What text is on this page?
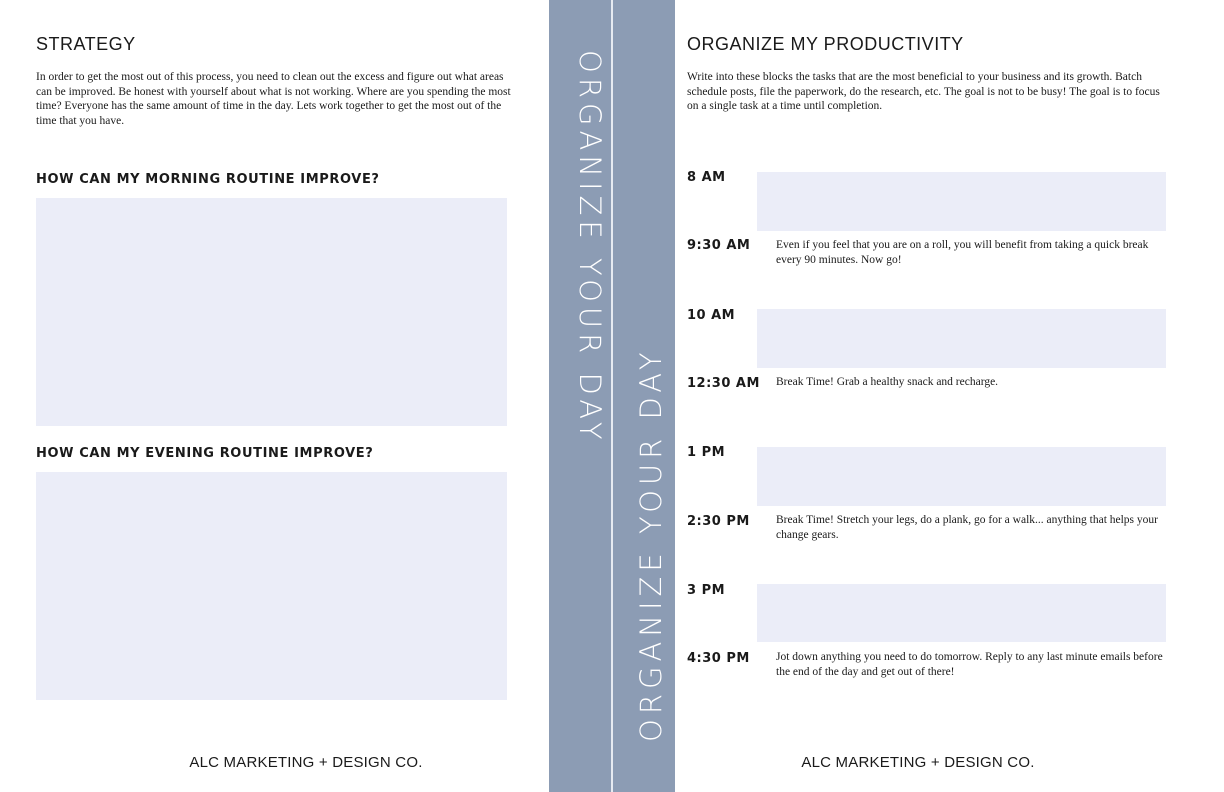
STRATEGY
In order to get the most out of this process, you need to clean out the excess and figure out what areas can be improved. Be honest with yourself about what is not working. Where are you spending the most time? Everyone has the same amount of time in the day. Lets work together to get the most out of the time that you have.
HOW CAN MY MORNING ROUTINE IMPROVE?
HOW CAN MY EVENING ROUTINE IMPROVE?
ALC MARKETING + DESIGN CO.
ORGANIZE YOUR DAY
ORGANIZE YOUR DAY
ORGANIZE MY PRODUCTIVITY
Write into these blocks the tasks that are the most beneficial to your business and its growth. Batch schedule posts, file the paperwork, do the research, etc. The goal is not to be busy! The goal is to focus on a single task at a time until completion.
8 AM
9:30 AM Even if you feel that you are on a roll, you will benefit from taking a quick break every 90 minutes. Now go!
10 AM
12:30 AM Break Time! Grab a healthy snack and recharge.
1 PM
2:30 PM Break Time! Stretch your legs, do a plank, go for a walk... anything that helps your change gears.
3 PM
4:30 PM Jot down anything you need to do tomorrow. Reply to any last minute emails before the end of the day and get out of there!
ALC MARKETING + DESIGN CO.
